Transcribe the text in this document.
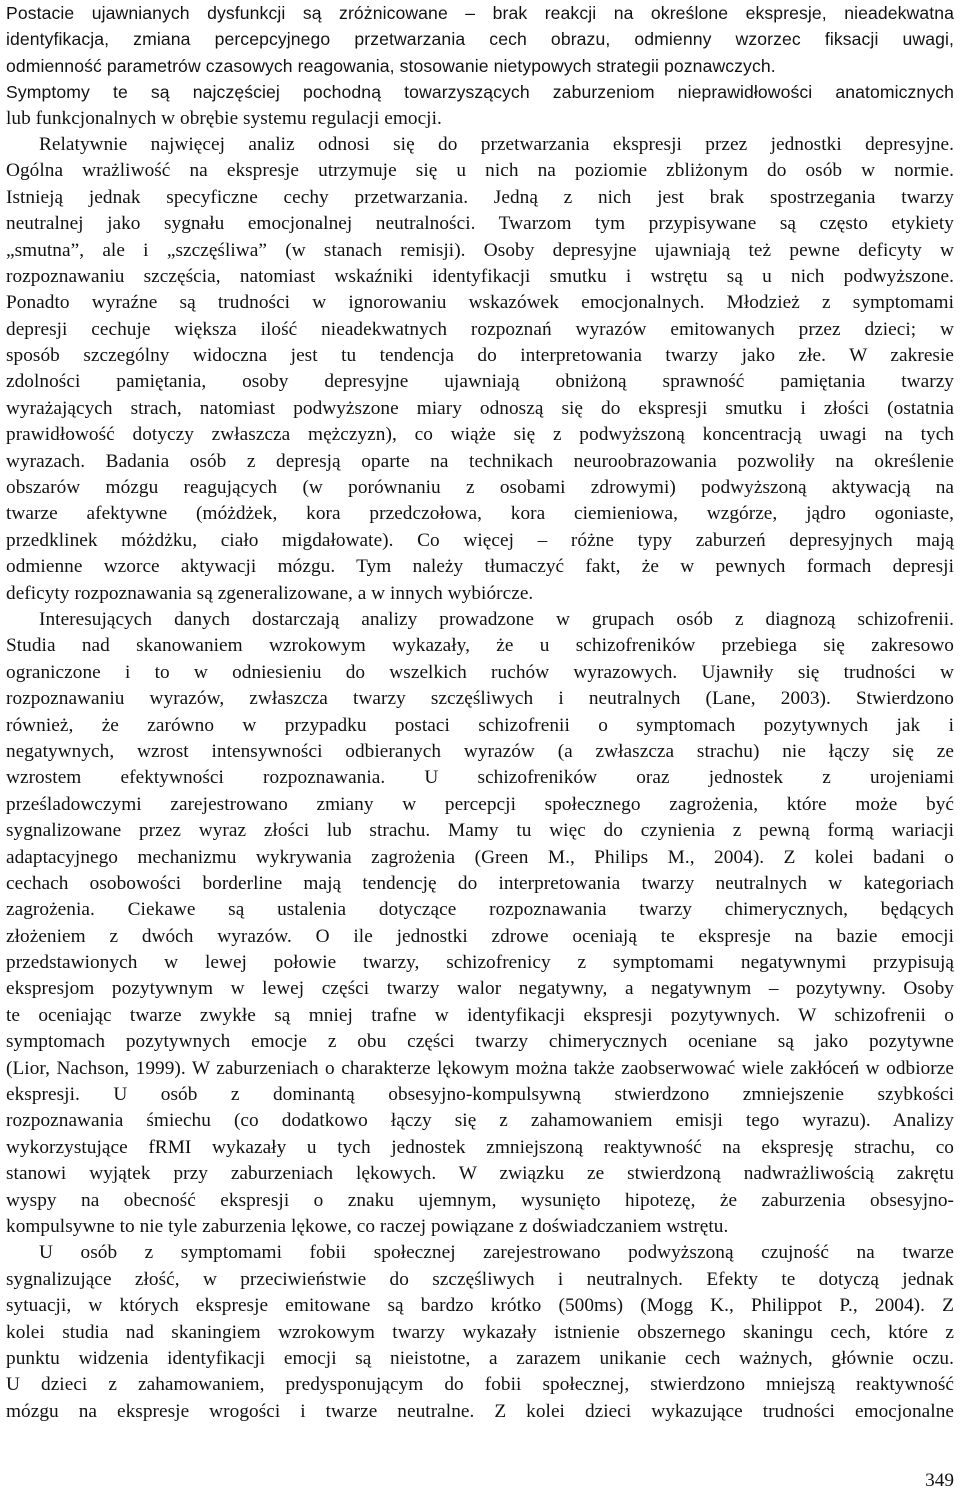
Postacie ujawnianych dysfunkcji są zróżnicowane – brak reakcji na określone ekspresje, nieadekwatna
identyfikacja, zmiana percepcyjnego przetwarzania cech obrazu, odmienny wzorzec fiksacji uwagi,
odmienność parametrów czasowych reagowania, stosowanie nietypowych strategii poznawczych.
Symptomy te są najczęściej pochodną towarzyszących zaburzeniom nieprawidłowości anatomicznych
lub funkcjonalnych w obrębie systemu regulacji emocji.
Relatywnie najwięcej analiz odnosi się do przetwarzania ekspresji przez jednostki depresyjne.
Ogólna wrażliwość na ekspresje utrzymuje się u nich na poziomie zbliżonym do osób w normie.
Istnieją jednak specyficzne cechy przetwarzania. Jedną z nich jest brak spostrzegania twarzy
neutralnej jako sygnału emocjonalnej neutralności. Twarzom tym przypisywane są często etykiety
„smutna”, ale i „szczęśliwa” (w stanach remisji). Osoby depresyjne ujawniają też pewne deficyty w
rozpoznawaniu szczęścia, natomiast wskaźniki identyfikacji smutku i wstrętu są u nich podwyższone.
Ponadto wyraźne są trudności w ignorowaniu wskazówek emocjonalnych. Młodzież z symptomami
depresji cechuje większa ilość nieadekwatnych rozpoznań wyrazów emitowanych przez dzieci; w
sposób szczególny widoczna jest tu tendencja do interpretowania twarzy jako złe. W zakresie
zdolności pamiętania, osoby depresyjne ujawniają obniżoną sprawność pamiętania twarzy
wyrażających strach, natomiast podwyższone miary odnoszą się do ekspresji smutku i złości (ostatnia
prawidłowość dotyczy zwłaszcza mężczyzn), co wiąże się z podwyższoną koncentracją uwagi na tych
wyrazach. Badania osób z depresją oparte na technikach neuroobrazowania pozwoliły na określenie
obszarów mózgu reagujących (w porównaniu z osobami zdrowymi) podwyższoną aktywacją na
twarze afektywne (móżdżek, kora przedczołowa, kora ciemieniowa, wzgórze, jądro ogoniaste,
przedklinek móżdżku, ciało migdałowate). Co więcej – różne typy zaburzeń depresyjnych mają
odmienne wzorce aktywacji mózgu. Tym należy tłumaczyć fakt, że w pewnych formach depresji
deficyty rozpoznawania są zgeneralizowane, a w innych wybiórcze.
Interesujących danych dostarczają analizy prowadzone w grupach osób z diagnozą schizofrenii.
Studia nad skanowaniem wzrokowym wykazały, że u schizofreników przebiega się zakresowo
ograniczone i to w odniesieniu do wszelkich ruchów wyrazowych. Ujawniły się trudności w
rozpoznawaniu wyrazów, zwłaszcza twarzy szczęśliwych i neutralnych (Lane, 2003). Stwierdzono
również, że zarówno w przypadku postaci schizofrenii o symptomach pozytywnych jak i
negatywnych, wzrost intensywności odbieranych wyrazów (a zwłaszcza strachu) nie łączy się ze
wzrostem efektywności rozpoznawania. U schizofreników oraz jednostek z urojeniami
prześladowczymi zarejestrowano zmiany w percepcji społecznego zagrożenia, które może być
sygnalizowane przez wyraz złości lub strachu. Mamy tu więc do czynienia z pewną formą wariacji
adaptacyjnego mechanizmu wykrywania zagrożenia (Green M., Philips M., 2004). Z kolei badani o
cechach osobowości borderline mają tendencję do interpretowania twarzy neutralnych w kategoriach
zagrożenia. Ciekawe są ustalenia dotyczące rozpoznawania twarzy chimerycznych, będących
złożeniem z dwóch wyrazów. O ile jednostki zdrowe oceniają te ekspresje na bazie emocji
przedstawionych w lewej połowie twarzy, schizofrenicy z symptomami negatywnymi przypisują
ekspresjom pozytywnym w lewej części twarzy walor negatywny, a negatywnym – pozytywny. Osoby
te oceniając twarze zwykłe są mniej trafne w identyfikacji ekspresji pozytywnych. W schizofrenii o
symptomach pozytywnych emocje z obu części twarzy chimerycznych oceniane są jako pozytywne
(Lior, Nachson, 1999). W zaburzeniach o charakterze lękowym można także zaobserwować wiele zakłóceń w odbiorze
ekspresji. U osób z dominantą obsesyjno-kompulsywną stwierdzono zmniejszenie szybkości
rozpoznawania śmiechu (co dodatkowo łączy się z zahamowaniem emisji tego wyrazu). Analizy
wykorzystujące fRMI wykazały u tych jednostek zmniejszoną reaktywność na ekspresję strachu, co
stanowi wyjątek przy zaburzeniach lękowych. W związku ze stwierdzoną nadwrażliwością zakrętu
wyspy na obecność ekspresji o znaku ujemnym, wysunięto hipotezę, że zaburzenia obsesyjno-
kompulsywne to nie tyle zaburzenia lękowe, co raczej powiązane z doświadczaniem wstrętu.
U osób z symptomami fobii społecznej zarejestrowano podwyższoną czujność na twarze
sygnalizujące złość, w przeciwieństwie do szczęśliwych i neutralnych. Efekty te dotyczą jednak
sytuacji, w których ekspresje emitowane są bardzo krótko (500ms) (Mogg K., Philippot P., 2004). Z
kolei studia nad skaningiem wzrokowym twarzy wykazały istnienie obszernego skaningu cech, które z
punktu widzenia identyfikacji emocji są nieistotne, a zarazem unikanie cech ważnych, głównie oczu.
U dzieci z zahamowaniem, predysponującym do fobii społecznej, stwierdzono mniejszą reaktywność
mózgu na ekspresje wrogości i twarze neutralne. Z kolei dzieci wykazujące trudności emocjonalne
349
